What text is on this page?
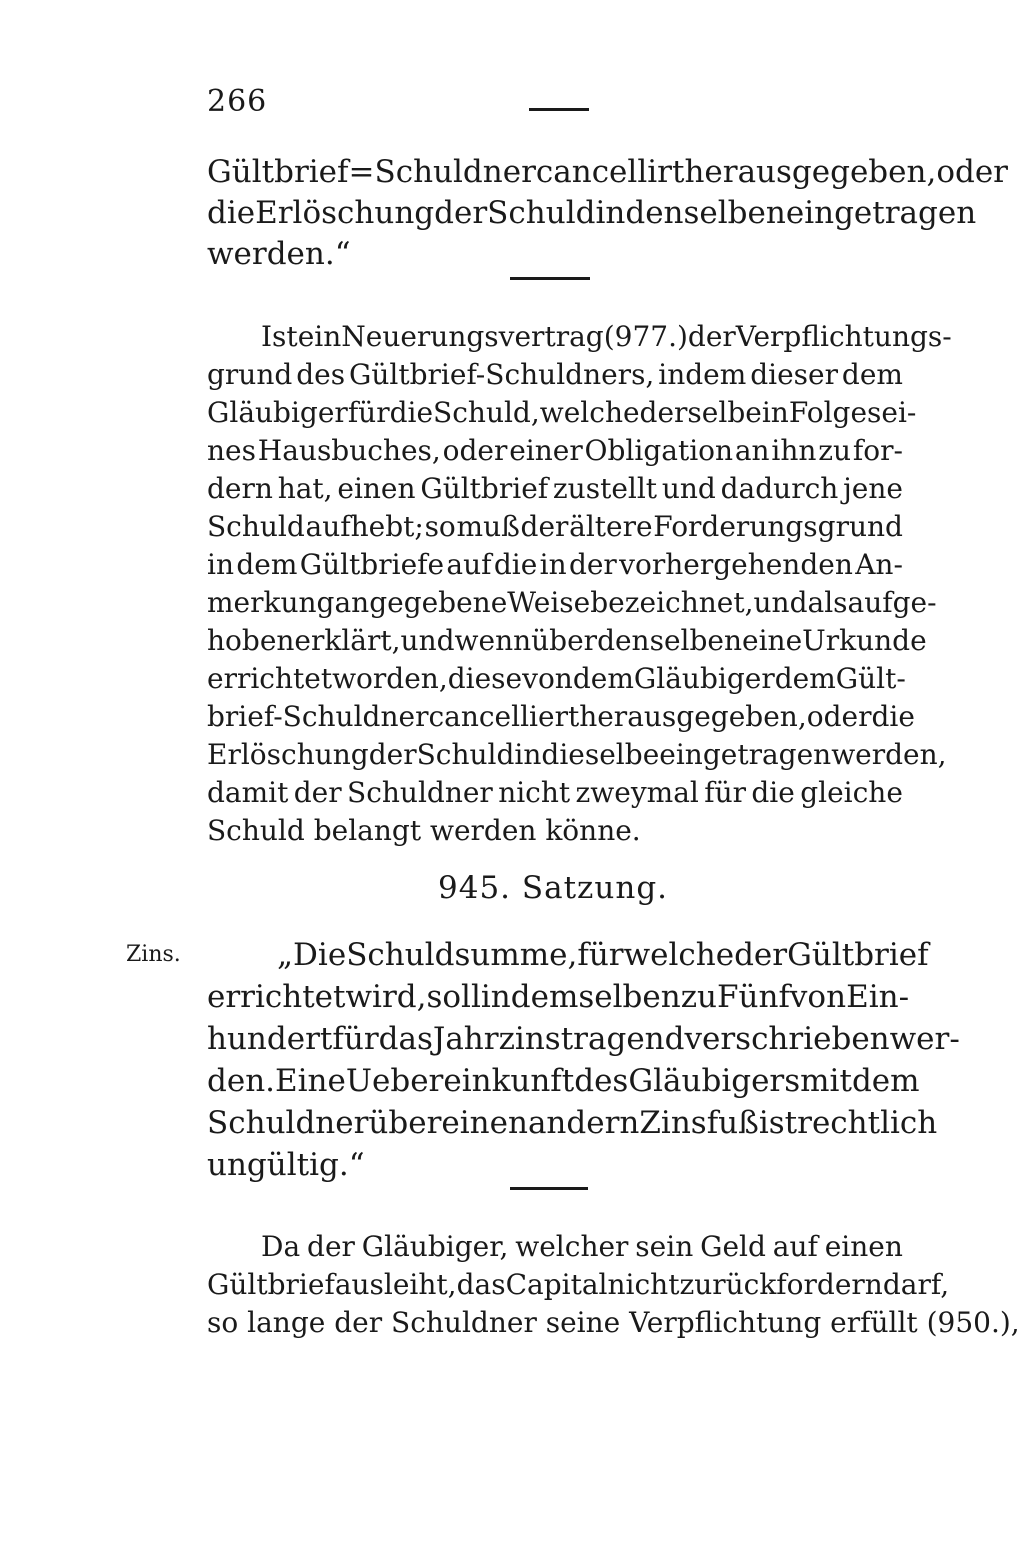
266
Gültbrief=Schuldner cancellirt herausgegeben, oder
die Erlöschung der Schuld in denselben eingetragen
werden.“
Ist ein Neuerungsvertrag (977.) der Verpflichtungs-
grund des Gültbrief-Schuldners, indem dieser dem
Gläubiger für die Schuld, welche derselbe in Folge sei-
nes Hausbuches, oder einer Obligation an ihn zu for-
dern hat, einen Gültbrief zustellt und dadurch jene
Schuld aufhebt; so muß der ältere Forderungsgrund
in dem Gültbriefe auf die in der vorhergehenden An-
merkung angegebene Weise bezeichnet, und als aufge-
hoben erklärt, und wenn über denselben eine Urkunde
errichtet worden, diese von dem Gläubiger dem Gült-
brief-Schuldner cancelliert heraus gegeben, oder die
Erlöschung der Schuld in dieselbe eingetragen werden,
damit der Schuldner nicht zweymal für die gleiche
Schuld
belangt
werden
könne.
945. Satzung.
Zins.	„Die Schuldsumme, für welche der Gültbrief
errichtet wird, soll in demselben zu Fünf von Ein-
hundert für das Jahr zinstragend verschrieben wer-
den. Eine Uebereinkunft des Gläubigers mit dem
Schuldner über einen andern Zinsfuß ist rechtlich
ungültig.“
Da der Gläubiger, welcher sein Geld auf einen
Gültbrief ausleiht, das Capital nicht zurückfordern darf,
so
lange
der
Schuldner
seine
Verpflichtung
erfüllt
(950.),
